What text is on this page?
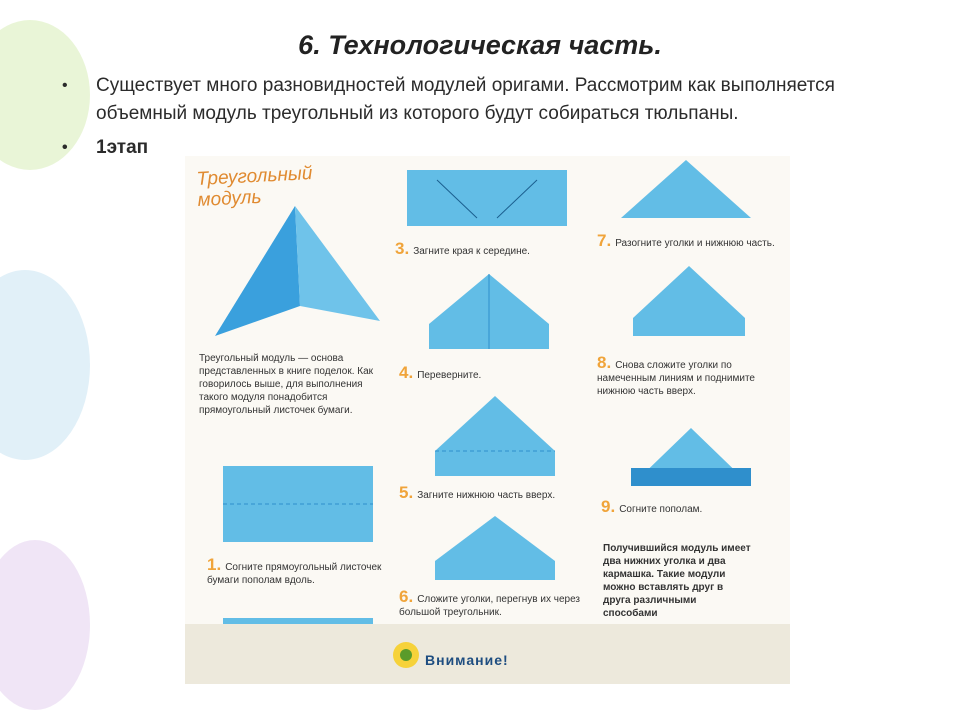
6. Технологическая часть.
•	Существует много разновидностей модулей оригами. Рассмотрим как выполняется объемный модуль треугольный из которого будут собираться тюльпаны.
•	1этап
Треугольный
модуль
Треугольный модуль — основа представленных в книге поделок. Как говорилось выше, для выполнения такого модуля понадобится прямоугольный листочек бумаги.
1. Согните прямоугольный листочек бумаги пополам вдоль.
3. Загните края к середине.
4. Переверните.
5. Загните нижнюю часть вверх.
6. Сложите уголки, перегнув их через большой треугольник.
7. Разогните уголки и нижнюю часть.
8. Снова сложите уголки по намеченным линиям и поднимите нижнюю часть вверх.
9. Согните пополам.
Получившийся модуль имеет два нижних уголка и два кармашка. Такие модули можно вставлять друг в друга различными способами
Внимание!
